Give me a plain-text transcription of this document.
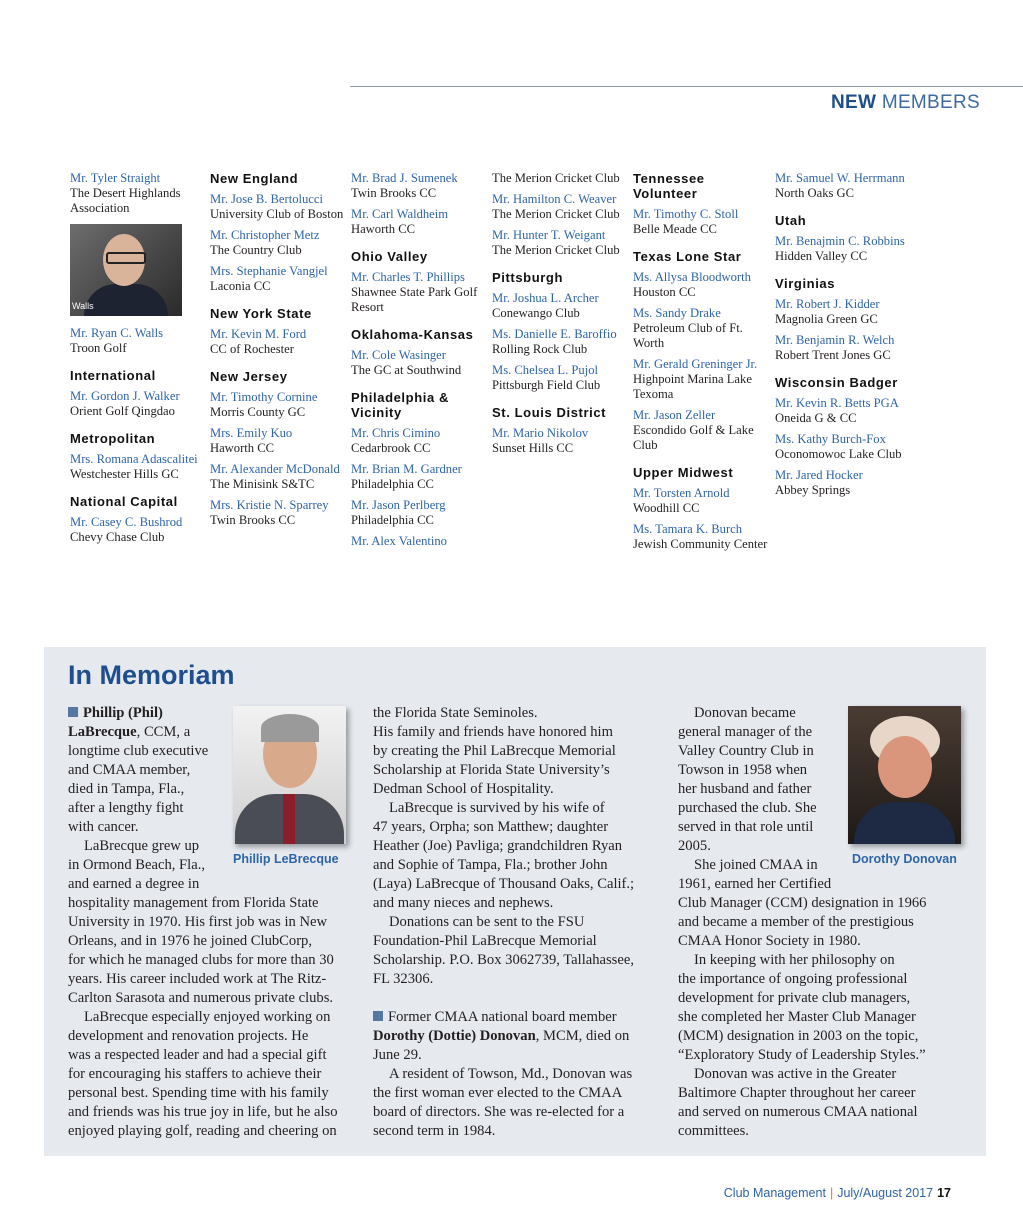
NEW MEMBERS
Mr. Tyler Straight
The Desert Highlands Association
Walls
Mr. Ryan C. Walls
Troon Golf
International
Mr. Gordon J. Walker
Orient Golf Qingdao
Metropolitan
Mrs. Romana Adascalitei
Westchester Hills GC
National Capital
Mr. Casey C. Bushrod
Chevy Chase Club
New England
Mr. Jose B. Bertolucci
University Club of Boston
Mr. Christopher Metz
The Country Club
Mrs. Stephanie Vangjel
Laconia CC
New York State
Mr. Kevin M. Ford
CC of Rochester
New Jersey
Mr. Timothy Cornine
Morris County GC
Mrs. Emily Kuo
Haworth CC
Mr. Alexander McDonald
The Minisink S&TC
Mrs. Kristie N. Sparrey
Twin Brooks CC
Mr. Brad J. Sumenek
Twin Brooks CC
Mr. Carl Waldheim
Haworth CC
Ohio Valley
Mr. Charles T. Phillips
Shawnee State Park Golf Resort
Oklahoma-Kansas
Mr. Cole Wasinger
The GC at Southwind
Philadelphia & Vicinity
Mr. Chris Cimino
Cedarbrook CC
Mr. Brian M. Gardner
Philadelphia CC
Mr. Jason Perlberg
Philadelphia CC
Mr. Alex Valentino
The Merion Cricket Club
Mr. Hamilton C. Weaver
The Merion Cricket Club
Mr. Hunter T. Weigant
The Merion Cricket Club
Pittsburgh
Mr. Joshua L. Archer
Conewango Club
Ms. Danielle E. Baroffio
Rolling Rock Club
Ms. Chelsea L. Pujol
Pittsburgh Field Club
St. Louis District
Mr. Mario Nikolov
Sunset Hills CC
Tennessee Volunteer
Mr. Timothy C. Stoll
Belle Meade CC
Texas Lone Star
Ms. Allysa Bloodworth
Houston CC
Ms. Sandy Drake
Petroleum Club of Ft. Worth
Mr. Gerald Greninger Jr.
Highpoint Marina Lake Texoma
Mr. Jason Zeller
Escondido Golf & Lake Club
Upper Midwest
Mr. Torsten Arnold
Woodhill CC
Ms. Tamara K. Burch
Jewish Community Center
Mr. Samuel W. Herrmann
North Oaks GC
Utah
Mr. Benajmin C. Robbins
Hidden Valley CC
Virginias
Mr. Robert J. Kidder
Magnolia Green GC
Mr. Benjamin R. Welch
Robert Trent Jones GC
Wisconsin Badger
Mr. Kevin R. Betts PGA
Oneida G & CC
Ms. Kathy Burch-Fox
Oconomowoc Lake Club
Mr. Jared Hocker
Abbey Springs
In Memoriam
Phillip (Phil)
LaBrecque, CCM, a
longtime club executive
and CMAA member,
died in Tampa, Fla.,
after a lengthy fight
with cancer.
LaBrecque grew up
in Ormond Beach, Fla.,
and earned a degree in
hospitality management from Florida State
University in 1970. His first job was in New
Orleans, and in 1976 he joined ClubCorp,
for which he managed clubs for more than 30
years. His career included work at The Ritz-
Carlton Sarasota and numerous private clubs.
LaBrecque especially enjoyed working on
development and renovation projects. He
was a respected leader and had a special gift
for encouraging his staffers to achieve their
personal best. Spending time with his family
and friends was his true joy in life, but he also
enjoyed playing golf, reading and cheering on
Phillip LeBrecque
the Florida State Seminoles.
His family and friends have honored him
by creating the Phil LaBrecque Memorial
Scholarship at Florida State University’s
Dedman School of Hospitality.
LaBrecque is survived by his wife of
47 years, Orpha; son Matthew; daughter
Heather (Joe) Pavliga; grandchildren Ryan
and Sophie of Tampa, Fla.; brother John
(Laya) LaBrecque of Thousand Oaks, Calif.;
and many nieces and nephews.
Donations can be sent to the FSU
Foundation-Phil LaBrecque Memorial
Scholarship. P.O. Box 3062739, Tallahassee,
FL 32306.

Former CMAA national board member
Dorothy (Dottie) Donovan, MCM, died on
June 29.

A resident of Towson, Md., Donovan was
the first woman ever elected to the CMAA
board of directors. She was re-elected for a
second term in 1984.
Donovan became
general manager of the
Valley Country Club in
Towson in 1958 when
her husband and father
purchased the club. She
served in that role until
2005.
She joined CMAA in
1961, earned her Certified
Club Manager (CCM) designation in 1966
and became a member of the prestigious
CMAA Honor Society in 1980.
In keeping with her philosophy on
the importance of ongoing professional
development for private club managers,
she completed her Master Club Manager
(MCM) designation in 2003 on the topic,
“Exploratory Study of Leadership Styles.”
Donovan was active in the Greater
Baltimore Chapter throughout her career
and served on numerous CMAA national
committees.
Dorothy Donovan
Club Management | July/August 2017 17
